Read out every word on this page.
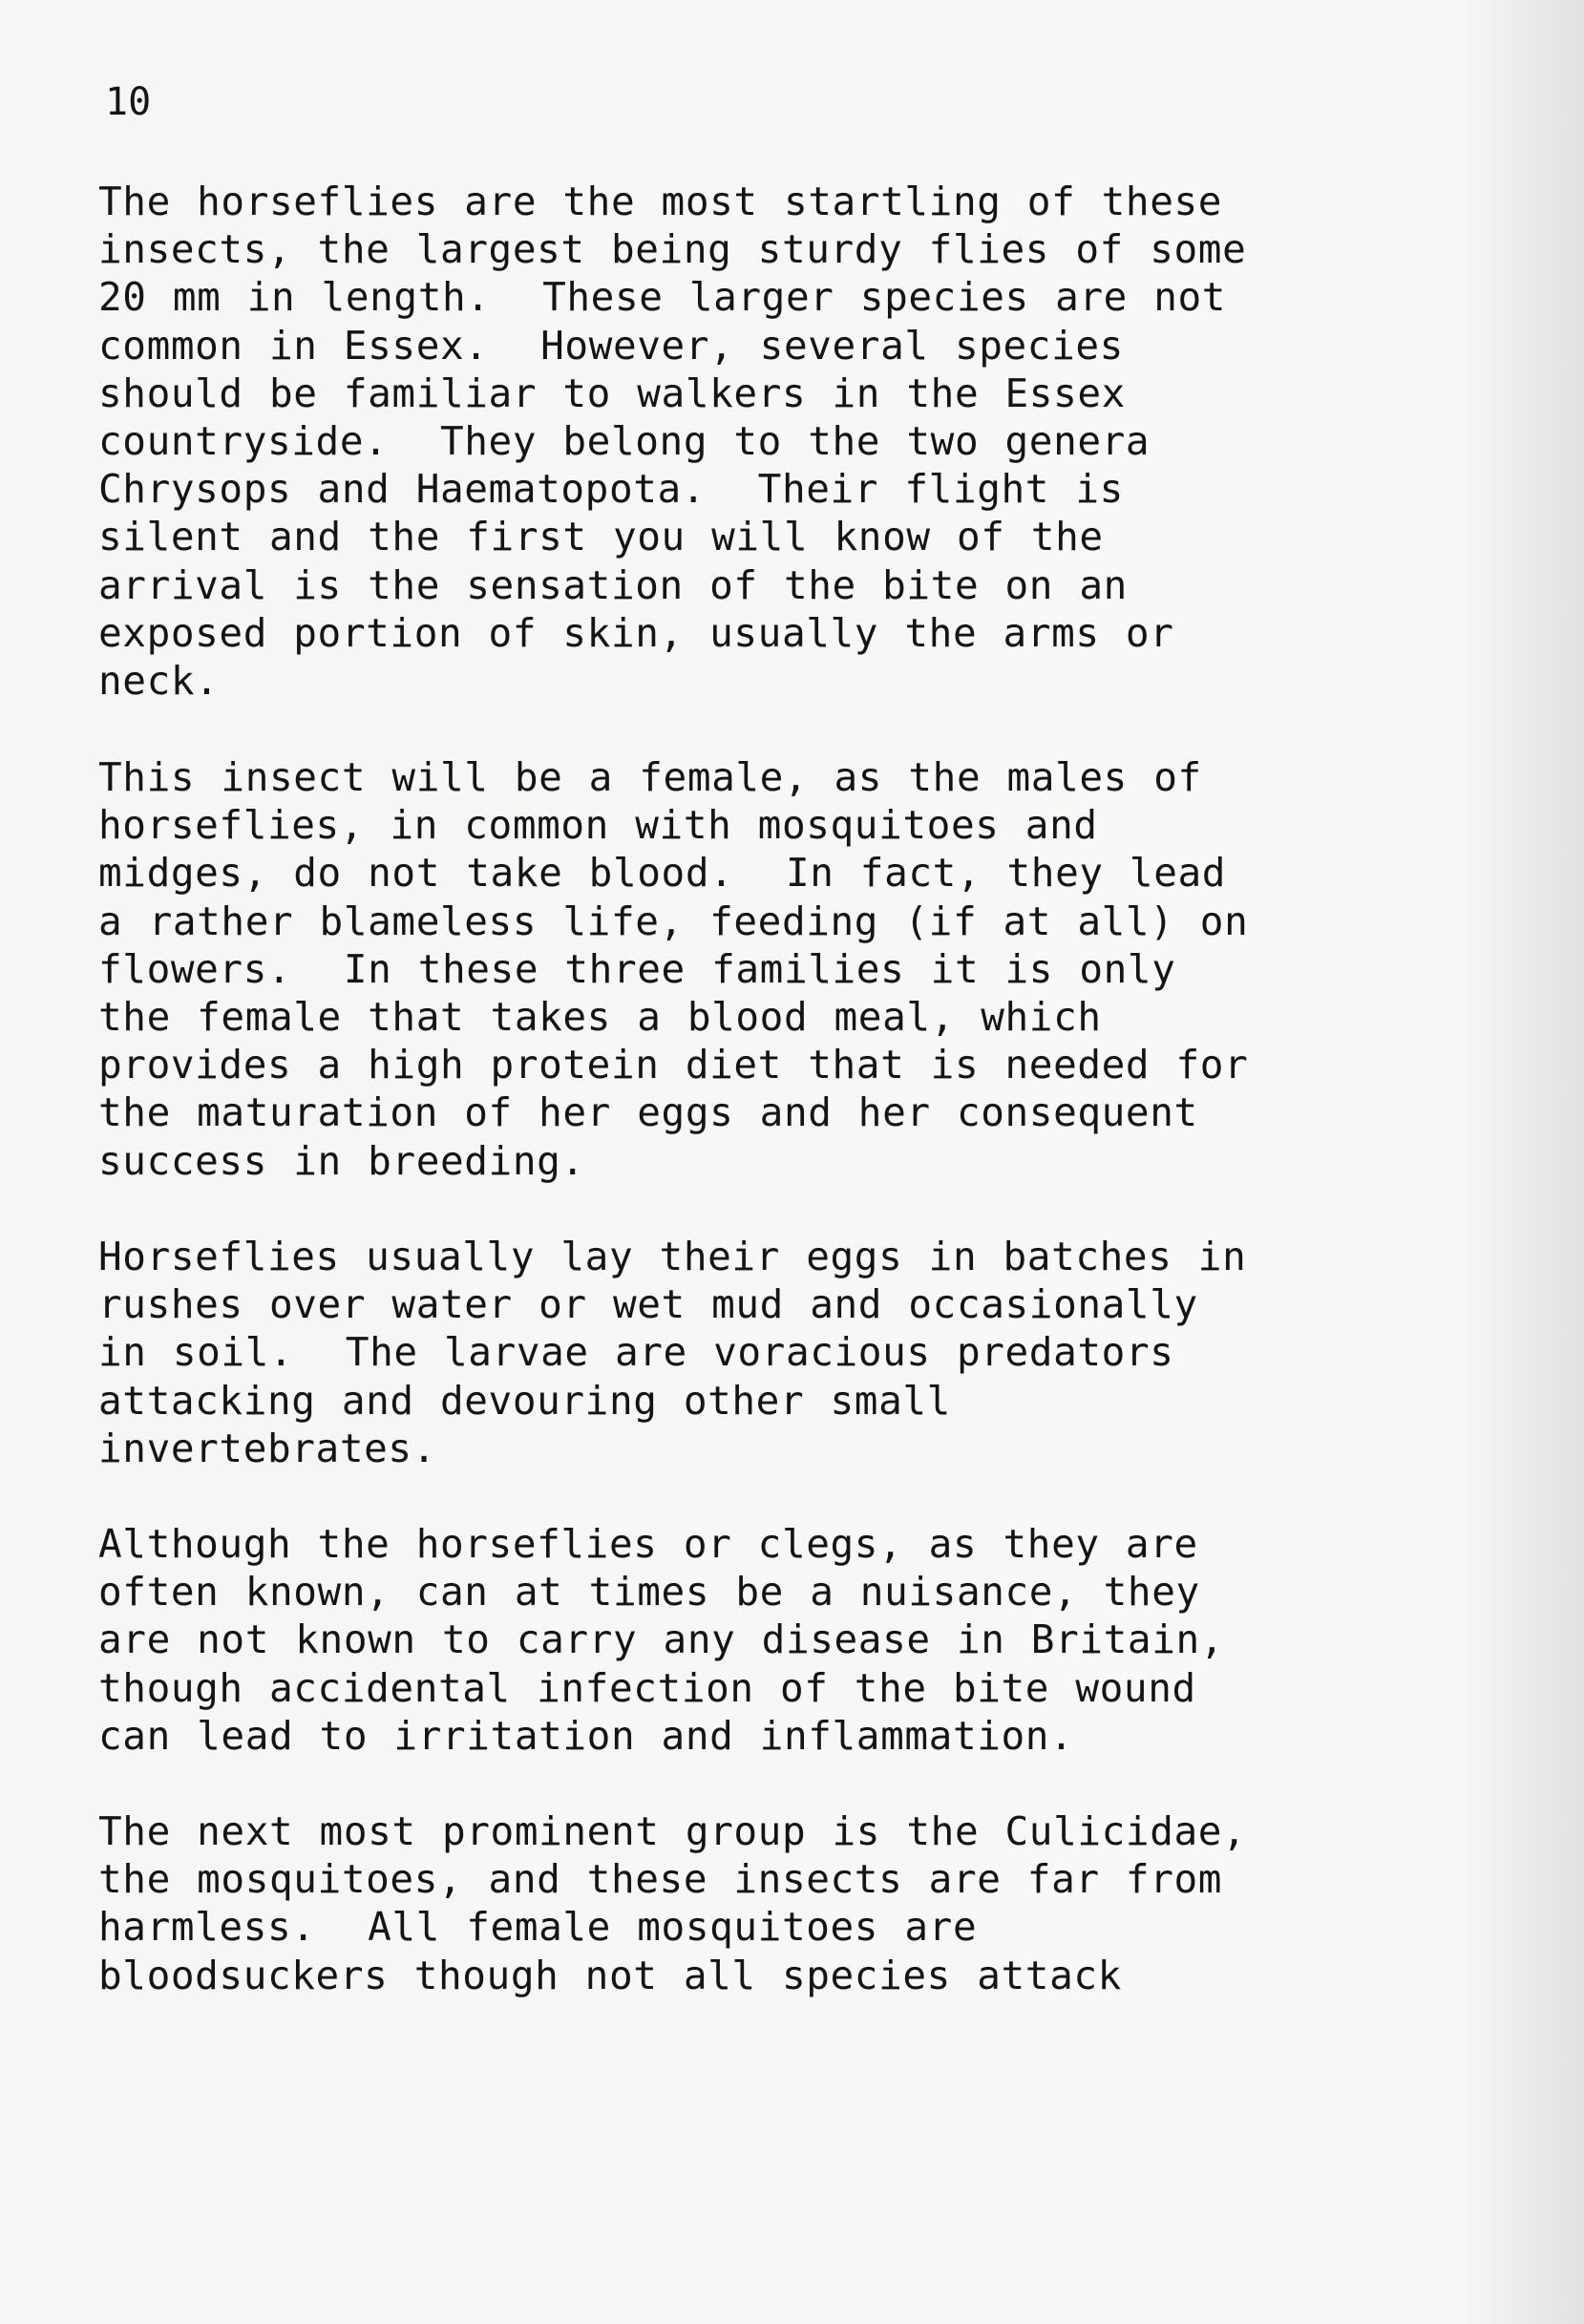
10
The horseflies are the most startling of these
insects, the largest being sturdy flies of some
20 mm in length.  These larger species are not
common in Essex.  However, several species
should be familiar to walkers in the Essex
countryside.  They belong to the two genera
Chrysops and Haematopota.  Their flight is
silent and the first you will know of the
arrival is the sensation of the bite on an
exposed portion of skin, usually the arms or
neck.
This insect will be a female, as the males of
horseflies, in common with mosquitoes and
midges, do not take blood.  In fact, they lead
a rather blameless life, feeding (if at all) on
flowers.  In these three families it is only
the female that takes a blood meal, which
provides a high protein diet that is needed for
the maturation of her eggs and her consequent
success in breeding.
Horseflies usually lay their eggs in batches in
rushes over water or wet mud and occasionally
in soil.  The larvae are voracious predators
attacking and devouring other small
invertebrates.
Although the horseflies or clegs, as they are
often known, can at times be a nuisance, they
are not known to carry any disease in Britain,
though accidental infection of the bite wound
can lead to irritation and inflammation.
The next most prominent group is the Culicidae,
the mosquitoes, and these insects are far from
harmless.  All female mosquitoes are
bloodsuckers though not all species attack
